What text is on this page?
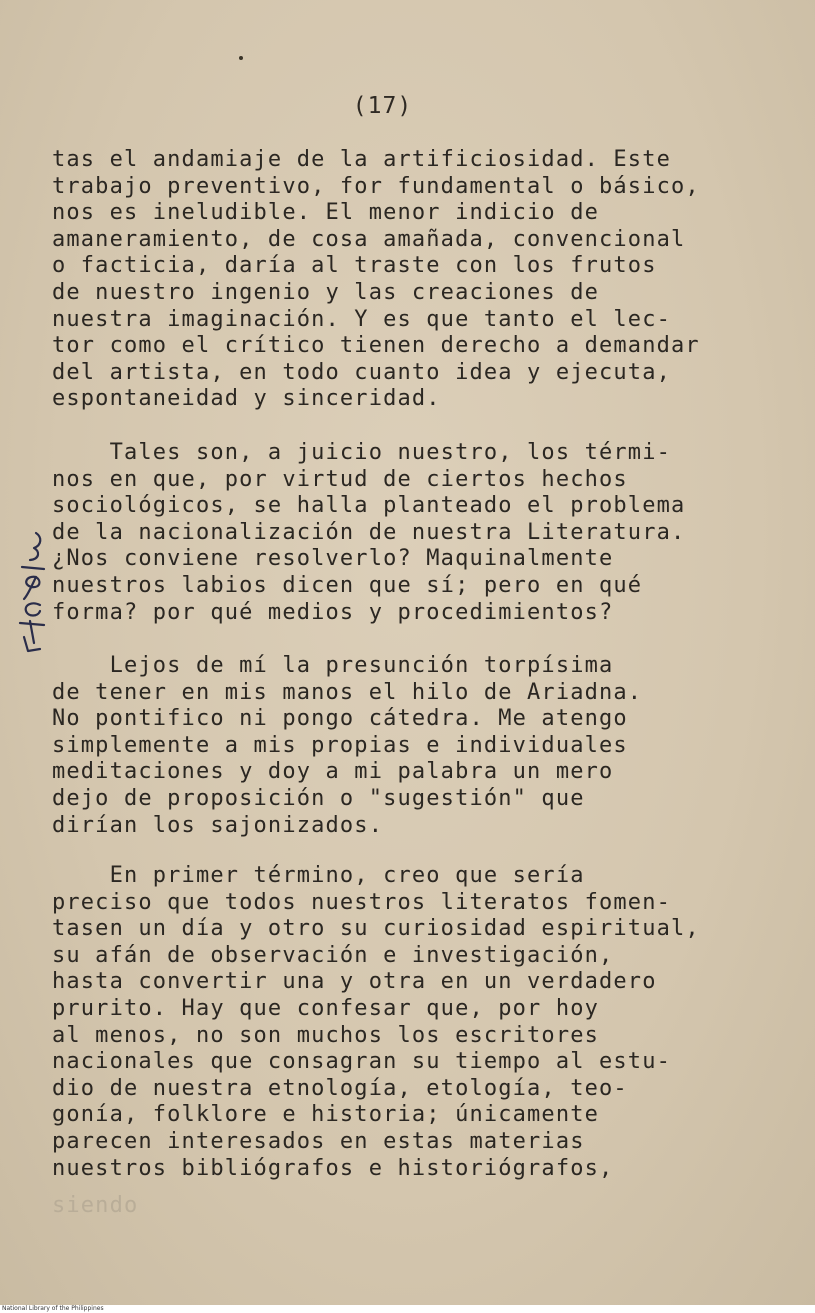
(17)
tas el andamiaje de la artificiosidad. Este
trabajo preventivo, for fundamental o básico,
nos es ineludible. El menor indicio de
amaneramiento, de cosa amañada, convencional
o facticia, daría al traste con los frutos
de nuestro ingenio y las creaciones de
nuestra imaginación. Y es que tanto el lec-
tor como el crítico tienen derecho a demandar
del artista, en todo cuanto idea y ejecuta,
espontaneidad y sinceridad.
Tales son, a juicio nuestro, los térmi-
nos en que, por virtud de ciertos hechos
sociológicos, se halla planteado el problema
de la nacionalización de nuestra Literatura.
¿Nos conviene resolverlo? Maquinalmente
nuestros labios dicen que sí; pero en qué
forma? por qué medios y procedimientos?
Lejos de mí la presunción torpísima
de tener en mis manos el hilo de Ariadna.
No pontifico ni pongo cátedra. Me atengo
simplemente a mis propias e individuales
meditaciones y doy a mi palabra un mero
dejo de proposición o "sugestión" que
dirían los sajonizados.
En primer término, creo que sería
preciso que todos nuestros literatos fomen-
tasen un día y otro su curiosidad espiritual,
su afán de observación e investigación,
hasta convertir una y otra en un verdadero
prurito. Hay que confesar que, por hoy
al menos, no son muchos los escritores
nacionales que consagran su tiempo al estu-
dio de nuestra etnología, etología, teo-
gonía, folklore e historia; únicamente
parecen interesados en estas materias
nuestros bibliógrafos e historiógrafos,
siendo
National Library of the Philippines
